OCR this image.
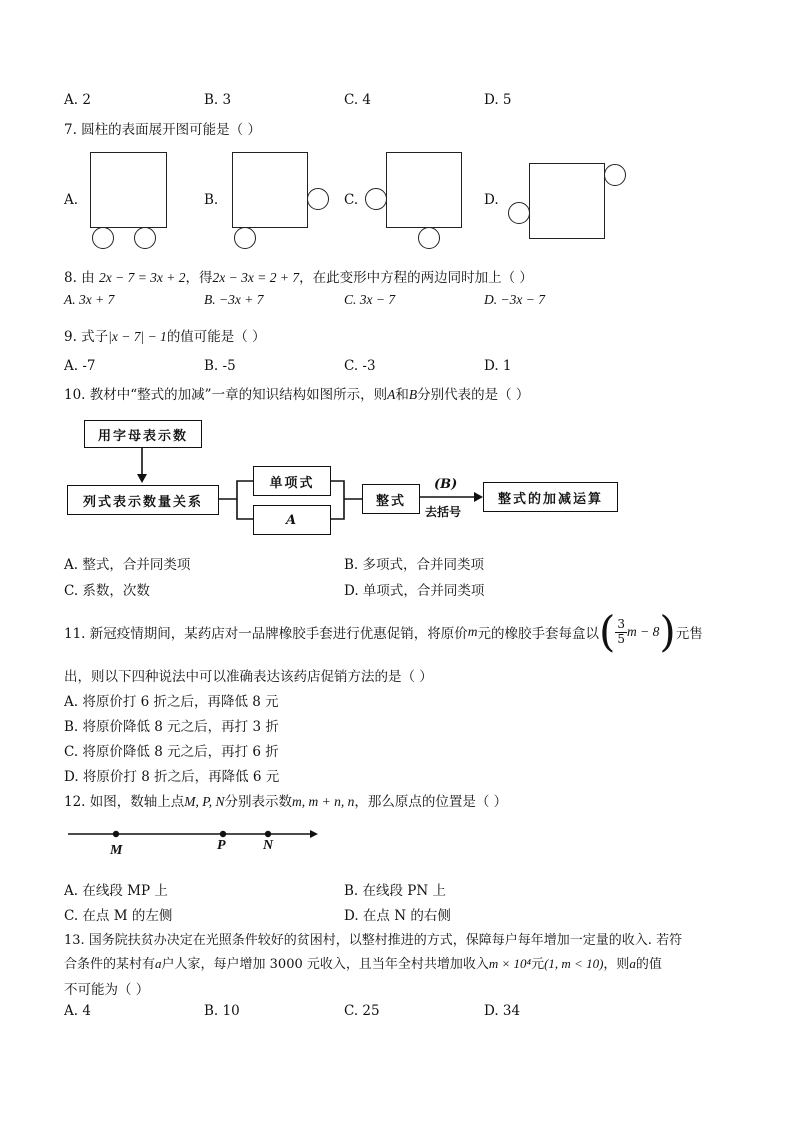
A. 2	B. 3	C. 4	D. 5
7. 圆柱的表面展开图可能是（ ）
A.	B.	C.	D.
8. 由 2x − 7 = 3x + 2，得2x − 3x = 2 + 7，在此变形中方程的两边同时加上（ ）
A. 3x + 7	B. −3x + 7	C. 3x − 7	D. −3x − 7
9. 式子|x − 7| − 1的值可能是（ ）
A. -7	B. -5	C. -3	D. 1
10. 教材中“整式的加减”一章的知识结构如图所示，则A和B分别代表的是（ ）
用字母表示数
列式表示数量关系
单项式
A
整式
(B)
去括号
整式的加减运算
A. 整式，合并同类项	B. 多项式，合并同类项
C. 系数，次数	D. 单项式，合并同类项
11. 新冠疫情期间，某药店对一品牌橡胶手套进行优惠促销，将原价 m 元的橡胶手套每盒以 ( $\frac{3}{5}$ m − 8 ) 元售
出，则以下四种说法中可以准确表达该药店促销方法的是（ ）
A. 将原价打 6 折之后，再降低 8 元
B. 将原价降低 8 元之后，再打 3 折
C. 将原价降低 8 元之后，再打 6 折
D. 将原价打 8 折之后，再降低 6 元
12. 如图，数轴上点M, P, N分别表示数m, m + n, n，那么原点的位置是（ ）
M	P	N
A. 在线段 MP 上	B. 在线段 PN 上
C. 在点 M 的左侧	D. 在点 N 的右侧
13. 国务院扶贫办决定在光照条件较好的贫困村，以整村推进的方式，保障每户每年增加一定量的收入. 若符
合条件的某村有a户人家，每户增加 3000 元收入，且当年全村共增加收入m × 10⁴元(1, m < 10)，则a的值
不可能为（ ）
A. 4	B. 10	C. 25	D. 34
